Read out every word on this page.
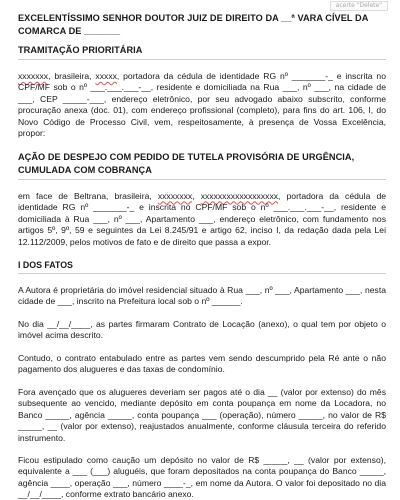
acerte "Delete"
EXCELENTÍSSIMO SENHOR DOUTOR JUIZ DE DIREITO DA __ª VARA CÍVEL DA
COMARCA DE _______
TRAMITAÇÃO PRIORITÁRIA

xxxxxxx, brasileira, xxxxx, portadora da cédula de identidade RG nº _______-_ e inscrita no CPF/MF sob o nº ___.___.___-__, residente e domiciliada na Rua ___, nº ___, na cidade de ___, CEP _____-___, endereço eletrônico, por seu advogado abaixo subscrito, conforme procuração anexa (doc. 01), com endereço profissional (completo), para fins do art. 106, I, do Novo Código de Processo Civil, vem, respeitosamente, à presença de Vossa Excelência, propor:

AÇÃO DE DESPEJO COM PEDIDO DE TUTELA PROVISÓRIA DE URGÊNCIA, CUMULADA COM COBRANÇA

em face de Beltrana, brasileira, xxxxxxxx, xxxxxxxxxxxxxxxxxx, portadora da cédula de identidade RG nº _______-_ e inscrita no CPF/MF sob o nº ___.___.___-__, residente e domiciliada à Rua ___, nº ___, Apartamento ___, endereço eletrônico, com fundamento nos artigos 5º, 9º, 59 e seguintes da Lei 8.245/91 e artigo 62, inciso I, da redação dada pela Lei 12.112/2009, pelos motivos de fato e de direito que passa a expor.

I DOS FATOS

A Autora é proprietária do imóvel residencial situado à Rua ___, nº ___, Apartamento ___, nesta cidade de ___, inscrito na Prefeitura local sob o nº ______.

No dia __/__/____, as partes firmaram Contrato de Locação (anexo), o qual tem por objeto o imóvel acima descrito.

Contudo, o contrato entabulado entre as partes vem sendo descumprido pela Ré ante o não pagamento dos alugueres e das taxas de condomínio.

Fora avençado que os alugueres deveriam ser pagos até o dia __ (valor por extenso) do mês subsequente ao vencido, mediante depósito em conta poupança em nome da Locadora, no Banco _____, agência _____, conta poupança ___ (operação), número _____, no valor de R$ _____, __ (valor por extenso), reajustados anualmente, conforme cláusula terceira do referido instrumento.

Ficou estipulado como caução um depósito no valor de R$ _____, __ (valor por extenso), equivalente a ___ (___) aluguéis, que foram depositados na conta poupança do Banco _____, agência ____, operação ___, número ____-_, em nome da Autora. O valor foi depositado no dia __/__/____, conforme extrato bancário anexo.
